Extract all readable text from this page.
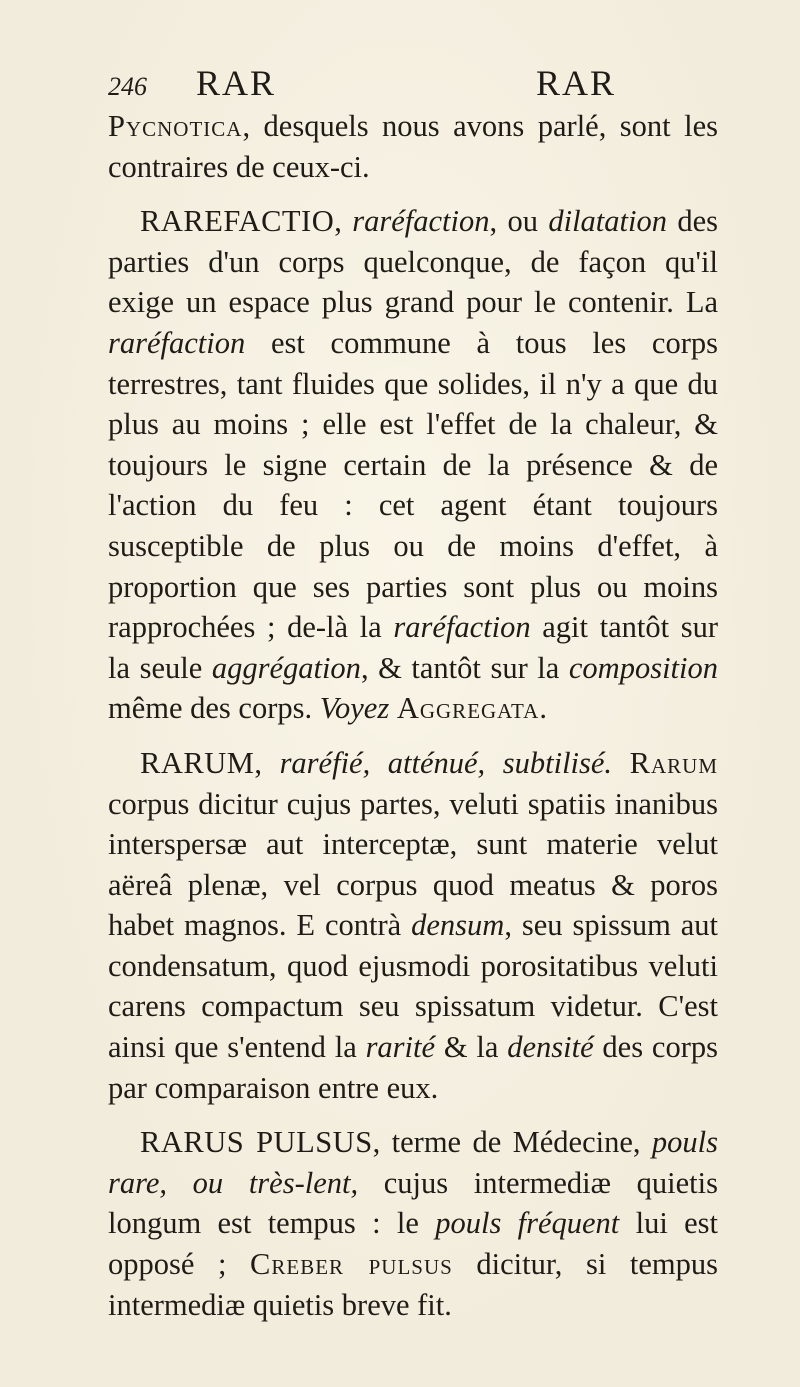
246 RAR	RAR

Pycnotica, desquels nous avons parlé, sont les contraires de ceux-ci.

RAREFACTIO, raréfaction, ou dilatation des parties d'un corps quelconque, de façon qu'il exige un espace plus grand pour le contenir. La raréfaction est commune à tous les corps terrestres, tant fluides que solides, il n'y a que du plus au moins ; elle est l'effet de la chaleur, & toujours le signe certain de la présence & de l'action du feu : cet agent étant toujours susceptible de plus ou de moins d'effet, à proportion que ses parties sont plus ou moins rapprochées ; de-là la raréfaction agit tantôt sur la seule aggrégation, & tantôt sur la composition même des corps. Voyez Aggregata.

RARUM, raréfié, atténué, subtilisé. Rarum corpus dicitur cujus partes, veluti spatiis inanibus interspersæ aut interceptæ, sunt materie velut aëreâ plenæ, vel corpus quod meatus & poros habet magnos. E contrà densum, seu spissum aut condensatum, quod ejusmodi porositatibus veluti carens compactum seu spissatum videtur. C'est ainsi que s'entend la rarité & la densité des corps par comparaison entre eux.

RARUS PULSUS, terme de Médecine, pouls rare, ou très-lent, cujus intermediæ quietis longum est tempus : le pouls fréquent lui est opposé ; Creber pulsus dicitur, si tempus intermediæ quietis breve fit.
